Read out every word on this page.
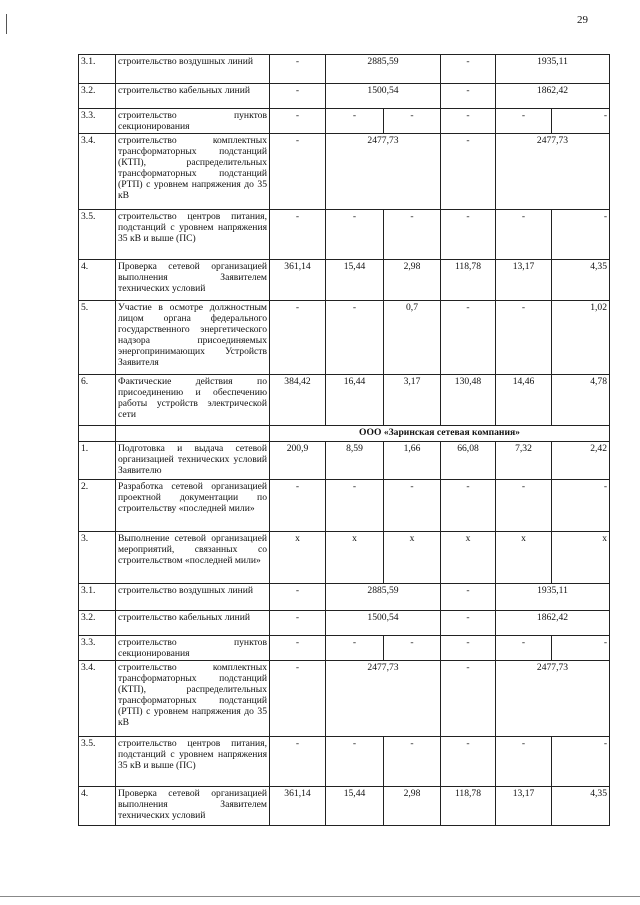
29
3.1.	строительство воздушных линий	-	2885,59		-	1935,11	
3.2.	строительство кабельных линий	-	1500,54		-	1862,42	
3.3.	строительство пунктов секционирования	-	-	-	-	-	-
3.4.	строительство комплектных трансформаторных подстанций (КТП), распределительных трансформаторных подстанций (РТП) с уровнем напряжения до 35 кВ	-	2477,73		-	2477,73	
3.5.	строительство центров питания, подстанций с уровнем напряжения 35 кВ и выше (ПС)	-	-	-	-	-	-
4.	Проверка сетевой организацией выполнения Заявителем технических условий	361,14	15,44	2,98	118,78	13,17	4,35
5.	Участие в осмотре должностным лицом органа федерального государственного энергетического надзора присоединяемых энергопринимающих Устройств Заявителя	-	-	0,7	-	-	1,02
6.	Фактические действия по присоединению и обеспечению работы устройств электрической сети	384,42	16,44	3,17	130,48	14,46	4,78
		ООО «Заринская сетевая компания»					
1.	Подготовка и выдача сетевой организацией технических условий Заявителю	200,9	8,59	1,66	66,08	7,32	2,42
2.	Разработка сетевой организацией проектной документации по строительству «последней мили»	-	-	-	-	-	-
3.	Выполнение сетевой организацией мероприятий, связанных со строительством «последней мили»	x	x	x	x	x	x
3.1.	строительство воздушных линий	-	2885,59		-	1935,11	
3.2.	строительство кабельных линий	-	1500,54		-	1862,42	
3.3.	строительство пунктов секционирования	-	-	-	-	-	-
3.4.	строительство комплектных трансформаторных подстанций (КТП), распределительных трансформаторных подстанций (РТП) с уровнем напряжения до 35 кВ	-	2477,73		-	2477,73	
3.5.	строительство центров питания, подстанций с уровнем напряжения 35 кВ и выше (ПС)	-	-	-	-	-	-
4.	Проверка сетевой организацией выполнения Заявителем технических условий	361,14	15,44	2,98	118,78	13,17	4,35
